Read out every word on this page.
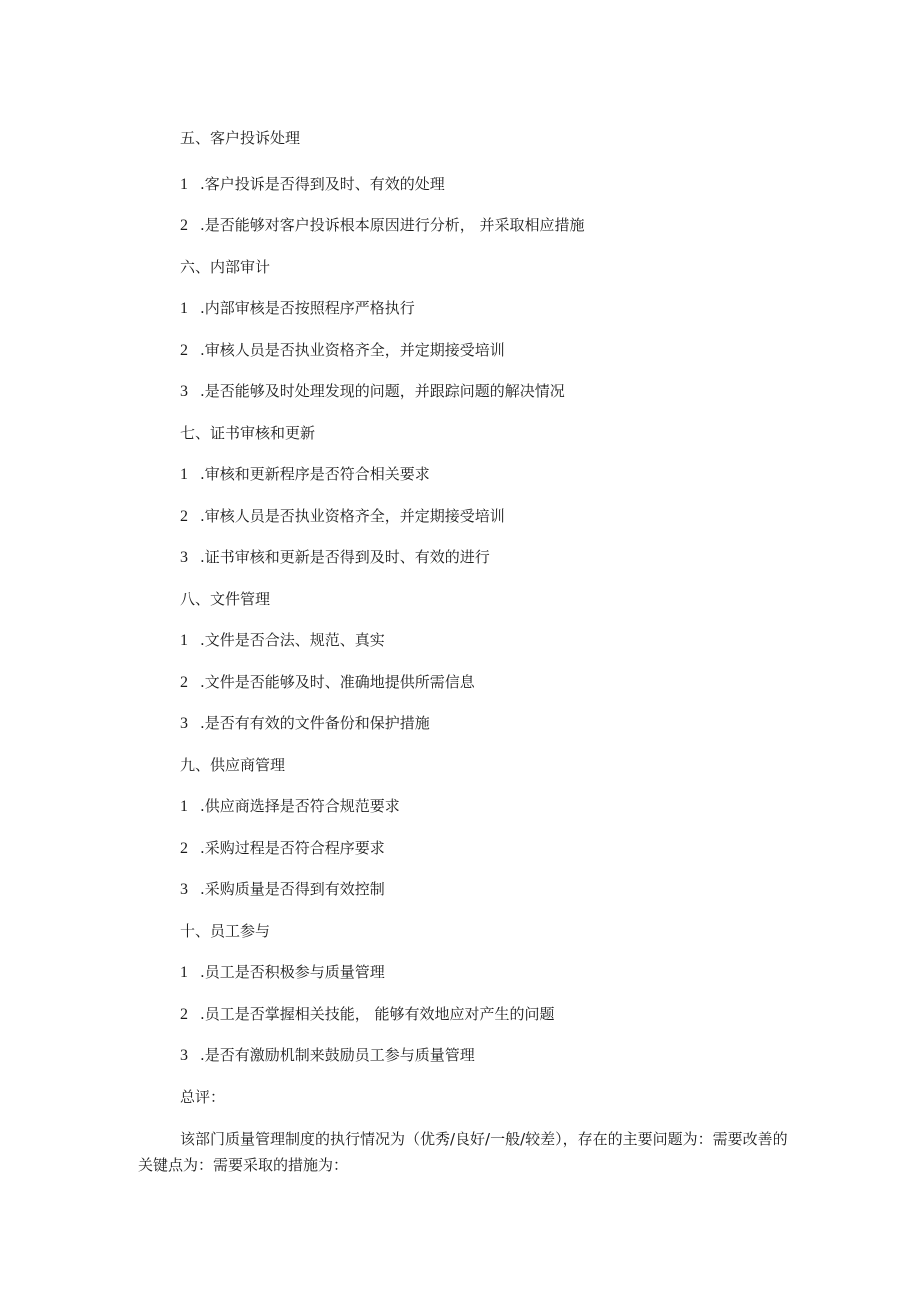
五、客户投诉处理
1 .客户投诉是否得到及时、有效的处理
2 .是否能够对客户投诉根本原因进行分析， 并采取相应措施
六、内部审计
1 .内部审核是否按照程序严格执行
2 .审核人员是否执业资格齐全，并定期接受培训
3 .是否能够及时处理发现的问题，并跟踪问题的解决情况
七、证书审核和更新
1 .审核和更新程序是否符合相关要求
2 .审核人员是否执业资格齐全，并定期接受培训
3 .证书审核和更新是否得到及时、有效的进行
八、文件管理
1 .文件是否合法、规范、真实
2 .文件是否能够及时、准确地提供所需信息
3 .是否有有效的文件备份和保护措施
九、供应商管理
1 .供应商选择是否符合规范要求
2 .采购过程是否符合程序要求
3 .采购质量是否得到有效控制
十、员工参与
1 .员工是否积极参与质量管理
2 .员工是否掌握相关技能， 能够有效地应对产生的问题
3 .是否有激励机制来鼓励员工参与质量管理
总评：
该部门质量管理制度的执行情况为（优秀/良好/一般/较差），存在的主要问题为：需要改善的关键点为：需要采取的措施为：
